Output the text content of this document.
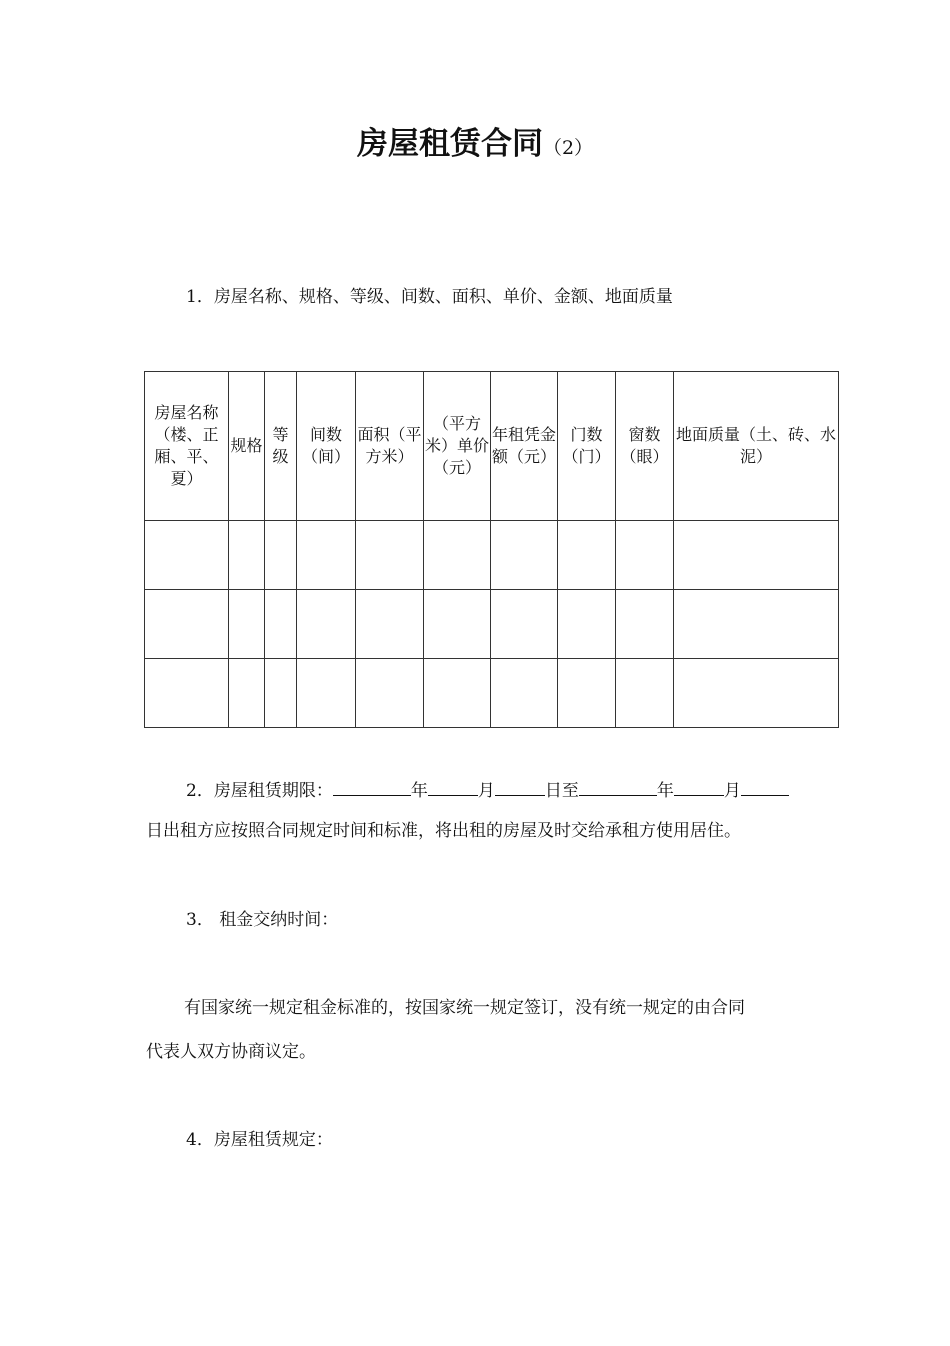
房屋租赁合同（2）
1．房屋名称、规格、等级、间数、面积、单价、金额、地面质量
房屋名称（楼、正厢、平、夏）	规格	等级	间数（间）	面积（平方米）	（平方米）单价（元）	年租凭金额（元）	门数（门）	窗数（眼）	地面质量（土、砖、水泥）

2．房屋租赁期限：	年	月	日至	年	月
日出租方应按照合同规定时间和标准，将出租的房屋及时交给承租方使用居住。
3． 租金交纳时间：
有国家统一规定租金标准的，按国家统一规定签订，没有统一规定的由合同
代表人双方协商议定。
4．房屋租赁规定：
